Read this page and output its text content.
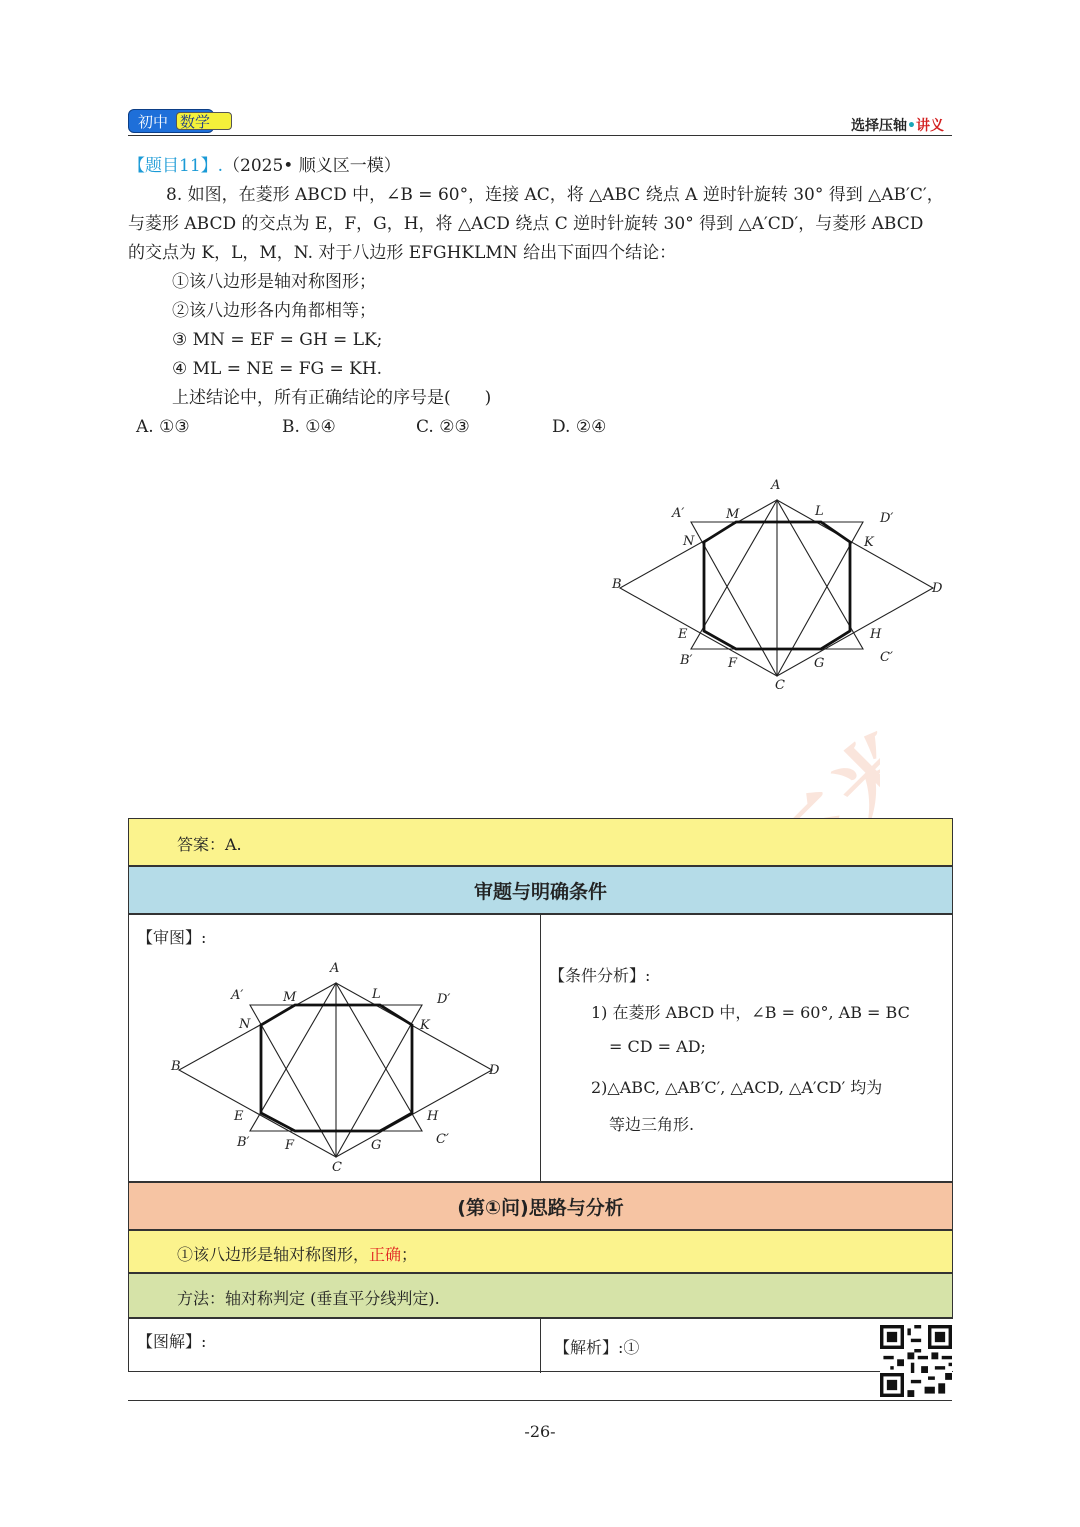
初中 数学	选择压轴•讲义
【题目11】.（2025• 顺义区一模）
8. 如图，在菱形 ABCD 中，∠B = 60°，连接 AC，将 △ABC 绕点 A 逆时针旋转 30° 得到 △AB′C′，
与菱形 ABCD 的交点为 E，F，G，H，将 △ACD 绕点 C 逆时针旋转 30° 得到 △A′CD′，与菱形 ABCD
的交点为 K，L，M，N. 对于八边形 EFGHKLMN 给出下面四个结论：
①该八边形是轴对称图形；
②该八边形各内角都相等；
③ MN = EF = GH = LK;
④ ML = NE = FG = KH.
上述结论中，所有正确结论的序号是(　　)
A. ①③	B. ①④	C. ②③	D. ②④
A
B
C
D
A′	D′
B′	C′
M	L
N	K
E	H
F	G
答案：A.
审题与明确条件
【审图】:
A
B
C
D
A′	D′
B′	C′
M	L
N	K
E	H
F	G
【条件分析】:
1) 在菱形 ABCD 中，∠B = 60°, AB = BC
= CD = AD;
2)△ABC, △AB′C′, △ACD, △A′CD′ 均为
等边三角形.
(第①问)思路与分析
①该八边形是轴对称图形，正确；
方法：轴对称判定 (垂直平分线判定).
【图解】:	【解析】:①
-26-
